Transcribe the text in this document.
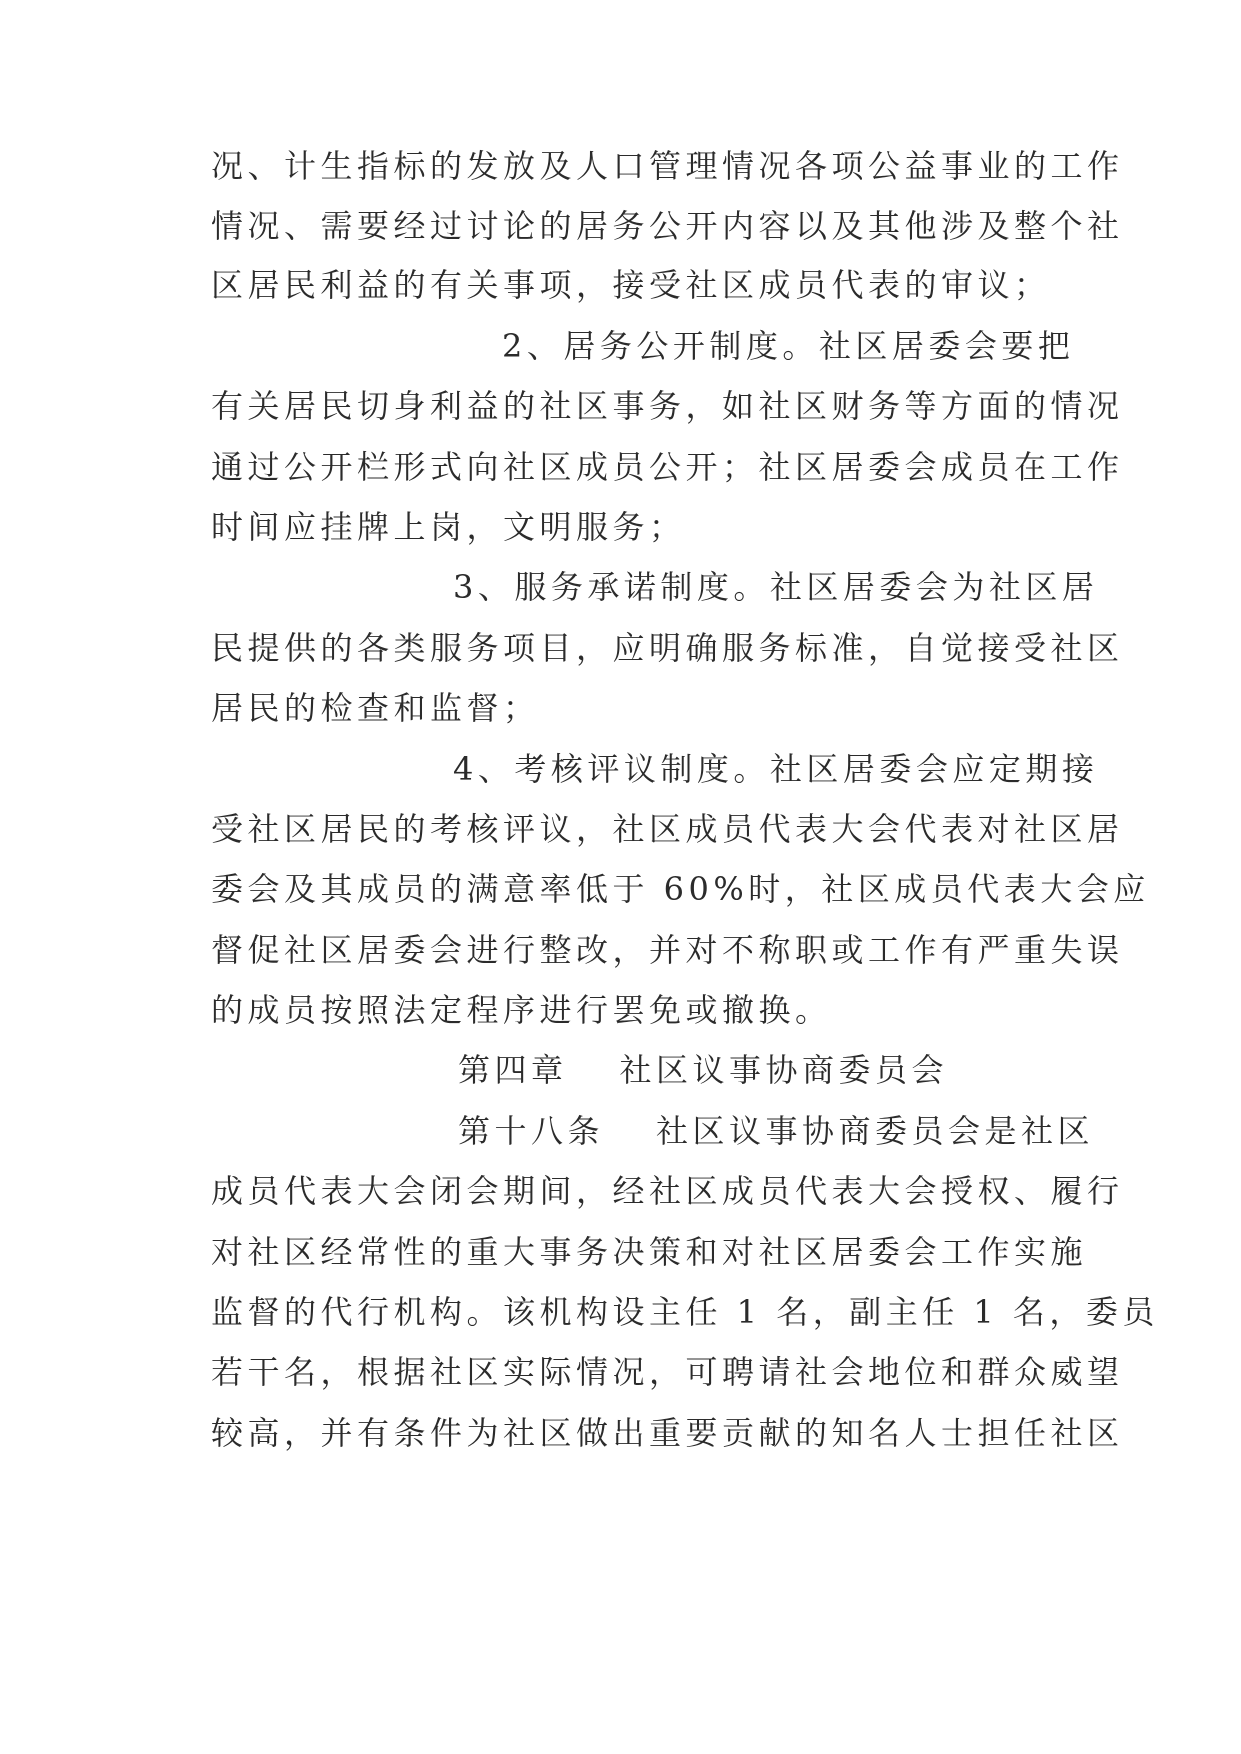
况、计生指标的发放及人口管理情况各项公益事业的工作
情况、需要经过讨论的居务公开内容以及其他涉及整个社
区居民利益的有关事项，接受社区成员代表的审议；
2、居务公开制度。社区居委会要把
有关居民切身利益的社区事务，如社区财务等方面的情况
通过公开栏形式向社区成员公开；社区居委会成员在工作
时间应挂牌上岗，文明服务；
3、服务承诺制度。社区居委会为社区居
民提供的各类服务项目，应明确服务标准，自觉接受社区
居民的检查和监督；
4、考核评议制度。社区居委会应定期接
受社区居民的考核评议，社区成员代表大会代表对社区居
委会及其成员的满意率低于 60%时，社区成员代表大会应
督促社区居委会进行整改，并对不称职或工作有严重失误
的成员按照法定程序进行罢免或撤换。
第四章 社区议事协商委员会
第十八条 社区议事协商委员会是社区
成员代表大会闭会期间，经社区成员代表大会授权、履行
对社区经常性的重大事务决策和对社区居委会工作实施
监督的代行机构。该机构设主任 1 名，副主任 1 名，委员
若干名，根据社区实际情况，可聘请社会地位和群众威望
较高，并有条件为社区做出重要贡献的知名人士担任社区
